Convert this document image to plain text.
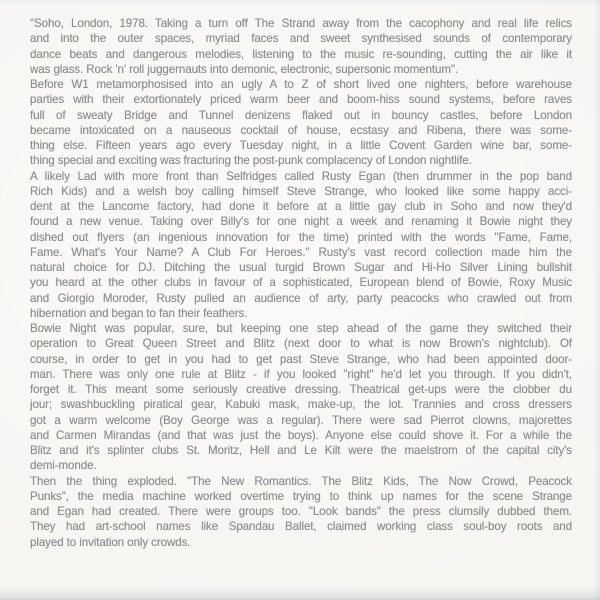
"Soho, London, 1978. Taking a turn off The Strand away from the cacophony and real life relics
and into the outer spaces, myriad faces and sweet synthesised sounds of contemporary
dance beats and dangerous melodies, listening to the music re-sounding, cutting the air like it
was glass. Rock 'n' roll juggernauts into demonic, electronic, supersonic momentum".
Before W1 metamorphosised into an ugly A to Z of short lived one nighters, before warehouse
parties with their extortionately priced warm beer and boom-hiss sound systems, before raves
full of sweaty Bridge and Tunnel denizens flaked out in bouncy castles, before London
became intoxicated on a nauseous cocktail of house, ecstasy and Ribena, there was some-
thing else. Fifteen years ago every Tuesday night, in a little Covent Garden wine bar, some-
thing special and exciting was fracturing the post-punk complacency of London nightlife.
A likely Lad with more front than Selfridges called Rusty Egan (then drummer in the pop band
Rich Kids) and a welsh boy calling himself Steve Strange, who looked like some happy acci-
dent at the Lancome factory, had done it before at a little gay club in Soho and now they'd
found a new venue. Taking over Billy's for one night a week and renaming it Bowie night they
dished out flyers (an ingenious innovation for the time) printed with the words "Fame, Fame,
Fame. What's Your Name? A Club For Heroes." Rusty's vast record collection made him the
natural choice for DJ. Ditching the usual turgid Brown Sugar and Hi-Ho Silver Lining bullshit
you heard at the other clubs in favour of a sophisticated, European blend of Bowie, Roxy Music
and Giorgio Moroder, Rusty pulled an audience of arty, party peacocks who crawled out from
hibernation and began to fan their feathers.
Bowie Night was popular, sure, but keeping one step ahead of the game they switched their
operation to Great Queen Street and Blitz (next door to what is now Brown's nightclub). Of
course, in order to get in you had to get past Steve Strange, who had been appointed door-
man. There was only one rule at Blitz - if you looked "right" he'd let you through. If you didn't,
forget it. This meant some seriously creative dressing. Theatrical get-ups were the clobber du
jour; swashbuckling piratical gear, Kabuki mask, make-up, the lot. Trannies and cross dressers
got a warm welcome (Boy George was a regular). There were sad Pierrot clowns, majorettes
and Carmen Mirandas (and that was just the boys). Anyone else could shove it. For a while the
Blitz and it's splinter clubs St. Moritz, Hell and Le Kilt were the maelstrom of the capital city's
demi-monde.
Then the thing exploded. "The New Romantics. The Blitz Kids, The Now Crowd, Peacock
Punks", the media machine worked overtime trying to think up names for the scene Strange
and Egan had created. There were groups too. "Look bands" the press clumsily dubbed them.
They had art-school names like Spandau Ballet, claimed working class soul-boy roots and
played to invitation only crowds.
